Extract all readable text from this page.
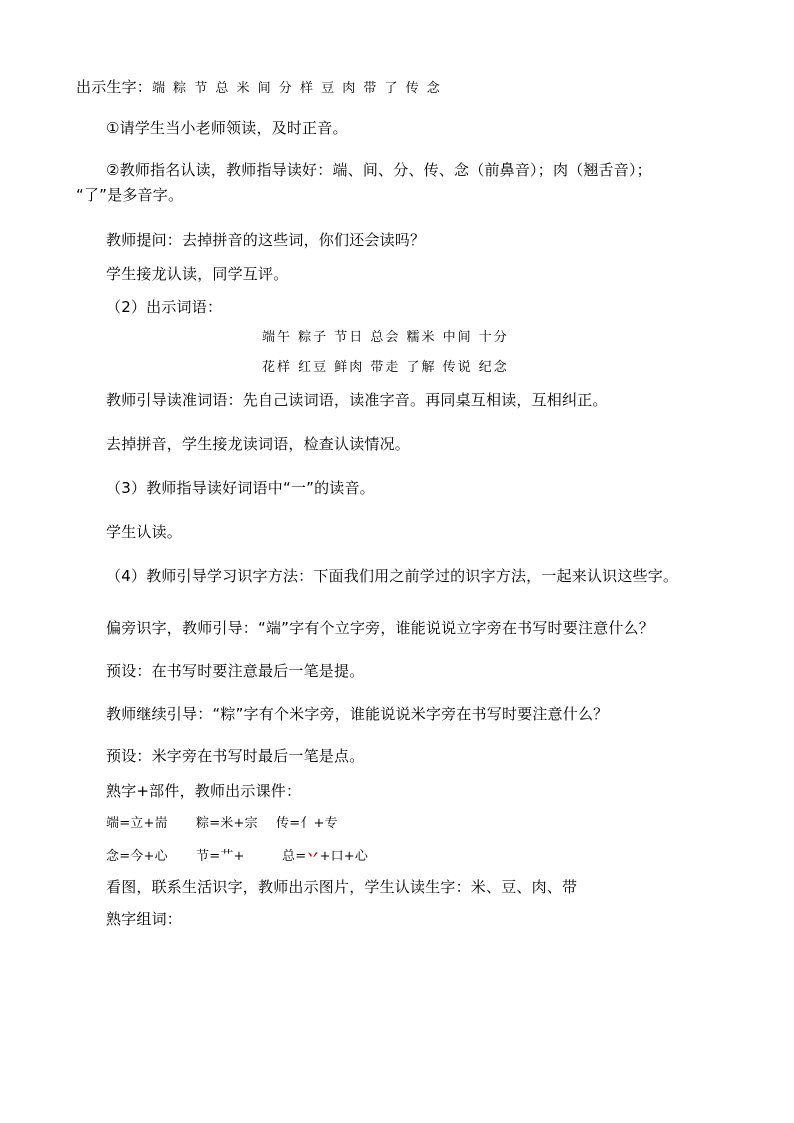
出示生字：端 粽 节 总 米 间 分 样 豆 肉 带 了 传 念
①请学生当小老师领读，及时正音。
②教师指名认读，教师指导读好：端、间、分、传、念（前鼻音）；肉（翘舌音）；
“了”是多音字。
教师提问：去掉拼音的这些词，你们还会读吗？
学生接龙认读，同学互评。
（2）出示词语：
端午 粽子 节日 总会 糯米 中间 十分
花样 红豆 鲜肉 带走 了解 传说 纪念
教师引导读准词语：先自己读词语，读准字音。再同桌互相读，互相纠正。
去掉拼音，学生接龙读词语，检查认读情况。
（3）教师指导读好词语中“一”的读音。
学生认读。
（4）教师引导学习识字方法：下面我们用之前学过的识字方法，一起来认识这些字。
偏旁识字，教师引导：“端”字有个立字旁，谁能说说立字旁在书写时要注意什么？
预设：在书写时要注意最后一笔是提。
教师继续引导：“粽”字有个米字旁，谁能说说米字旁在书写时要注意什么？
预设：米字旁在书写时最后一笔是点。
熟字+部件，教师出示课件：
端=立+耑 粽=米+宗 传=亻+专
念=今+心 节=艹+	总=丷+口+心
看图，联系生活识字，教师出示图片，学生认读生字：米、豆、肉、带
熟字组词：
